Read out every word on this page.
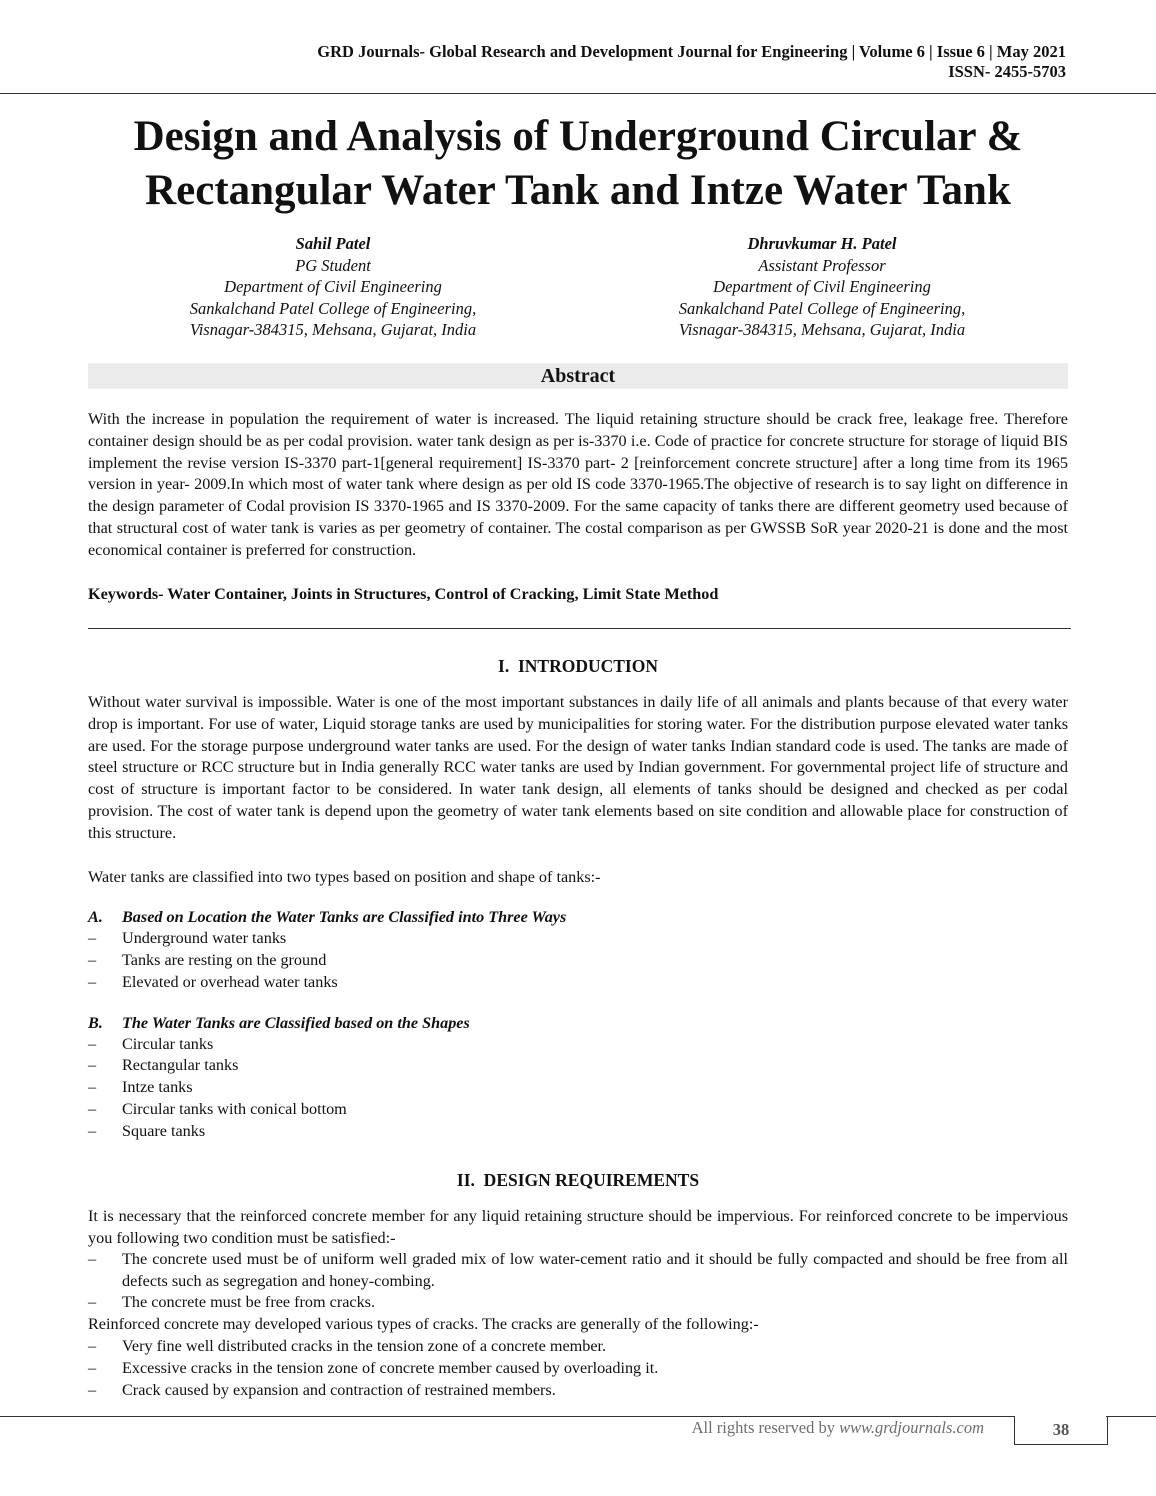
GRD Journals- Global Research and Development Journal for Engineering | Volume 6 | Issue 6 | May 2021
ISSN- 2455-5703
Design and Analysis of Underground Circular &
Rectangular Water Tank and Intze Water Tank
Sahil Patel
PG Student
Department of Civil Engineering
Sankalchand Patel College of Engineering,
Visnagar-384315, Mehsana, Gujarat, India
Dhruvkumar H. Patel
Assistant Professor
Department of Civil Engineering
Sankalchand Patel College of Engineering,
Visnagar-384315, Mehsana, Gujarat, India
Abstract

With the increase in population the requirement of water is increased. The liquid retaining structure should be crack free, leakage free. Therefore container design should be as per codal provision. water tank design as per is-3370 i.e. Code of practice for concrete structure for storage of liquid BIS implement the revise version IS-3370 part-1[general requirement] IS-3370 part- 2 [reinforcement concrete structure] after a long time from its 1965 version in year- 2009.In which most of water tank where design as per old IS code 3370-1965.The objective of research is to say light on difference in the design parameter of Codal provision IS 3370-1965 and IS 3370-2009. For the same capacity of tanks there are different geometry used because of that structural cost of water tank is varies as per geometry of container. The costal comparison as per GWSSB SoR year 2020-21 is done and the most economical container is preferred for construction.

Keywords- Water Container, Joints in Structures, Control of Cracking, Limit State Method
I. INTRODUCTION

Without water survival is impossible. Water is one of the most important substances in daily life of all animals and plants because of that every water drop is important. For use of water, Liquid storage tanks are used by municipalities for storing water. For the distribution purpose elevated water tanks are used. For the storage purpose underground water tanks are used. For the design of water tanks Indian standard code is used. The tanks are made of steel structure or RCC structure but in India generally RCC water tanks are used by Indian government. For governmental project life of structure and cost of structure is important factor to be considered. In water tank design, all elements of tanks should be designed and checked as per codal provision. The cost of water tank is depend upon the geometry of water tank elements based on site condition and allowable place for construction of this structure.

Water tanks are classified into two types based on position and shape of tanks:-
A. Based on Location the Water Tanks are Classified into Three Ways
–	Underground water tanks
–	Tanks are resting on the ground
–	Elevated or overhead water tanks
B. The Water Tanks are Classified based on the Shapes
–	Circular tanks
–	Rectangular tanks
–	Intze tanks
–	Circular tanks with conical bottom
–	Square tanks
II. DESIGN REQUIREMENTS

It is necessary that the reinforced concrete member for any liquid retaining structure should be impervious. For reinforced concrete to be impervious you following two condition must be satisfied:-

–	The concrete used must be of uniform well graded mix of low water-cement ratio and it should be fully compacted and should be free from all defects such as segregation and honey-combing.
–	The concrete must be free from cracks.
Reinforced concrete may developed various types of cracks. The cracks are generally of the following:-
–	Very fine well distributed cracks in the tension zone of a concrete member.
–	Excessive cracks in the tension zone of concrete member caused by overloading it.
–	Crack caused by expansion and contraction of restrained members.
All rights reserved by www.grdjournals.com	38
